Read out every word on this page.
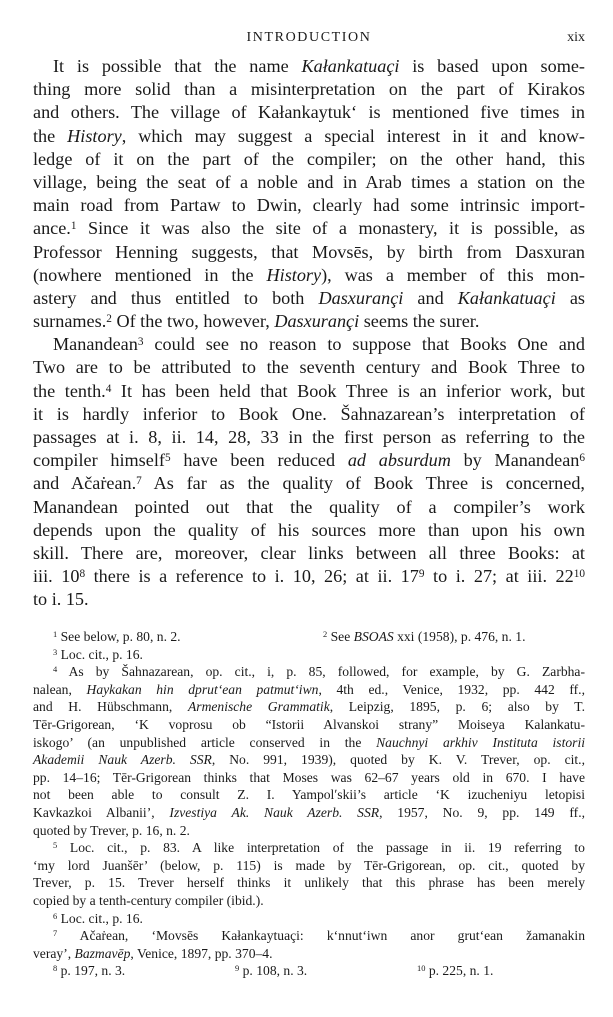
INTRODUCTION	xix
It is possible that the name Kałankatuaçi is based upon some-
thing more solid than a misinterpretation on the part of Kirakos
and others. The village of Kałankaytukʻ is mentioned five times in
the History, which may suggest a special interest in it and know-
ledge of it on the part of the compiler; on the other hand, this
village, being the seat of a noble and in Arab times a station on the
main road from Partaw to Dwin, clearly had some intrinsic import-
ance.$^1$ Since it was also the site of a monastery, it is possible, as
Professor Henning suggests, that Movsēs, by birth from Dasxuran
(nowhere mentioned in the History), was a member of this mon-
astery and thus entitled to both Dasxurançi and Kałankatuaçi as
surnames.$^2$ Of the two, however, Dasxurançi seems the surer.
Manandean$^3$ could see no reason to suppose that Books One and
Two are to be attributed to the seventh century and Book Three to
the tenth.$^4$ It has been held that Book Three is an inferior work, but
it is hardly inferior to Book One. Šahnazarean’s interpretation of
passages at i. 8, ii. 14, 28, 33 in the first person as referring to the
compiler himself$^5$ have been reduced ad absurdum by Manandean$^6$
and Ačaṙean.$^7$ As far as the quality of Book Three is concerned,
Manandean pointed out that the quality of a compiler’s work
depends upon the quality of his sources more than upon his own
skill. There are, moreover, clear links between all three Books: at
iii. $10^8$ there is a reference to i. 10, 26; at ii. $17^9$ to i. 27; at iii. $22^{10}$
to i. 15.
$^1$ See below, p. 80, n. 2.	$^2$ See BSOAS xxi (1958), p. 476, n. 1.
$^3$ Loc. cit., p. 16.
$^4$ As by Šahnazarean, op. cit., i, p. 85, followed, for example, by G. Zarbha-
nalean, Haykakan hin dprutʻean patmutʻiwn, 4th ed., Venice, 1932, pp. 442 ff.,
and H. Hübschmann, Armenische Grammatik, Leipzig, 1895, p. 6; also by T.
Tēr-Grigorean, ‘K voprosu ob “Istorii Alvanskoi strany” Moiseya Kalankatu-
iskogo’ (an unpublished article conserved in the Nauchnyi arkhiv Instituta istorii
Akademii Nauk Azerb. SSR, No. 991, 1939), quoted by K. V. Trever, op. cit.,
pp. 14–16; Tēr-Grigorean thinks that Moses was 62–67 years old in 670. I have
not been able to consult Z. I. Yampolʹskii’s article ‘K izucheniyu letopisi
Kavkazkoi Albanii’, Izvestiya Ak. Nauk Azerb. SSR, 1957, No. 9, pp. 149 ff.,
quoted by Trever, p. 16, n. 2.
$^5$ Loc. cit., p. 83. A like interpretation of the passage in ii. 19 referring to
‘my lord Juanšēr’ (below, p. 115) is made by Tēr-Grigorean, op. cit., quoted by
Trever, p. 15. Trever herself thinks it unlikely that this phrase has been merely
copied by a tenth-century compiler (ibid.).
$^6$ Loc. cit., p. 16.
$^7$ Ačaṙean, ‘Movsēs Kałankaytuaçi: kʻnnutʻiwn anor grutʻean žamanakin
veray’, Bazmavēp, Venice, 1897, pp. 370–4.
$^8$ p. 197, n. 3.	$^9$ p. 108, n. 3.	$^{10}$ p. 225, n. 1.
